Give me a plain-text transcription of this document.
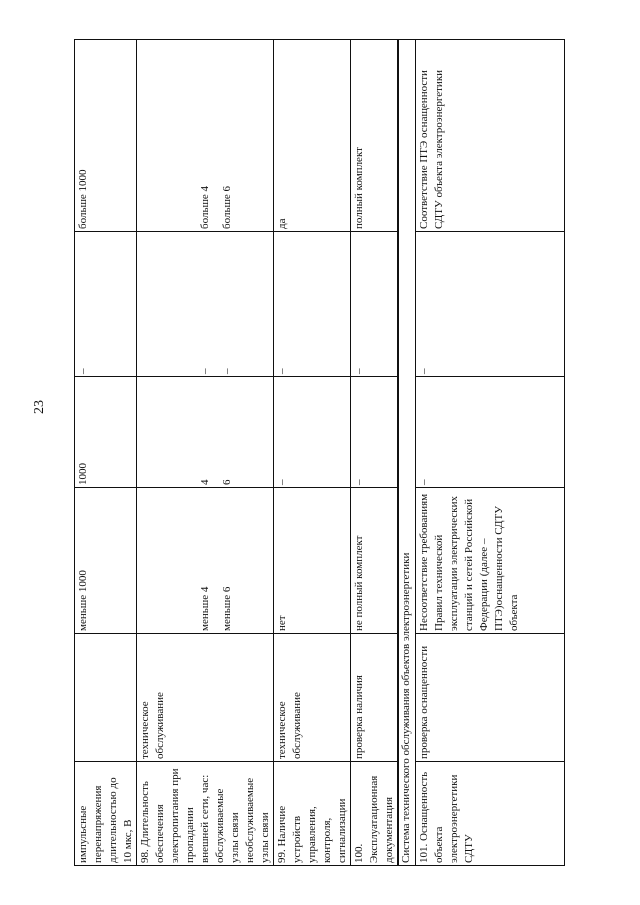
23
импульсные перенапряжения длительностью до 10 мкс, В		меньше 1000	1000	–	больше 1000

98. Длительность обеспечения электропитания при пропадании внешней сети, час: обслуживаемые узлы связи необслуживаемые узлы связи	техническое обслуживание	меньше 4 меньше 6	4 6	– –	больше 4 больше 6

99. Наличие устройств управления, контроля, сигнализации	техническое обслуживание	нет	–	–	да
100. Эксплуатационная документация	проверка наличия	не полный комплект	–	–	полный комплект
Система технического обслуживания объектов электроэнергетики					
101. Оснащенность объекта электроэнергетики СДТУ	проверка оснащенности	Несоответствие требованиям Правил технической эксплуатации электрических станций и сетей Российской Федерации (далее – ПТЭ)оснащенности СДТУ объекта	–	–	Соответствие ПТЭ оснащенности СДТУ объекта электроэнергетики
